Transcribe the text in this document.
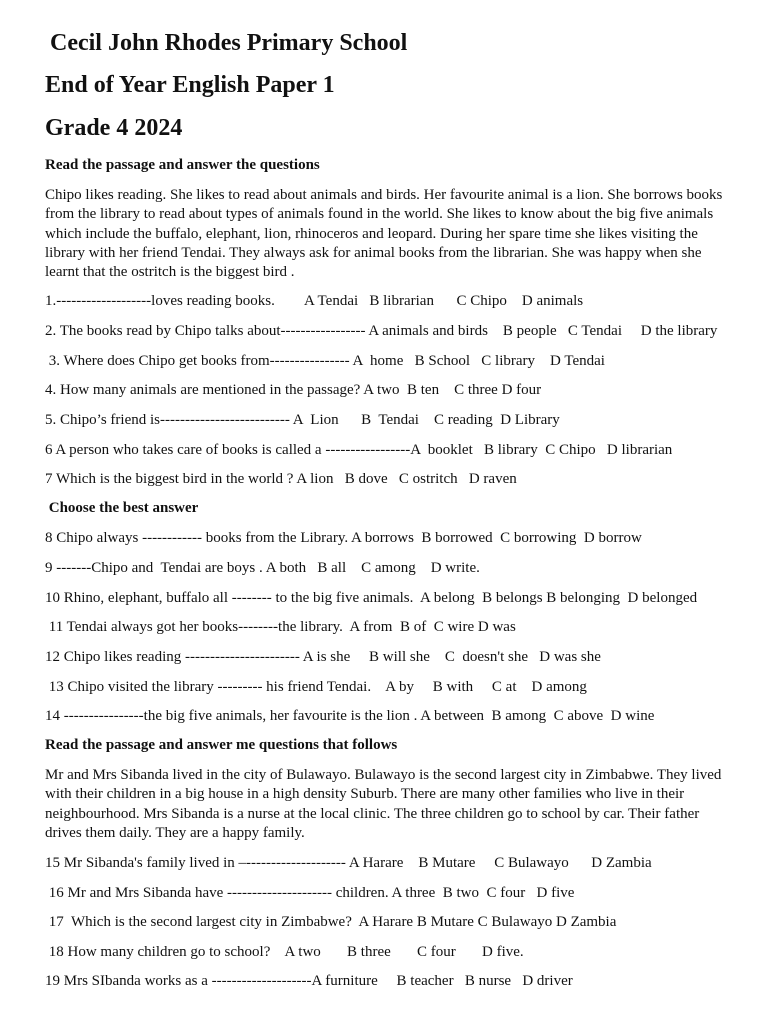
Cecil John Rhodes Primary School
End of Year English Paper 1
Grade 4 2024
Read the passage and answer the questions

Chipo likes reading. She likes to read about animals and birds. Her favourite animal is a lion. She borrows books from the library to read about types of animals found in the world. She likes to know about the big five animals which include the buffalo, elephant, lion, rhinoceros and leopard. During her spare time she likes visiting the library with her friend Tendai. They always ask for animal books from the librarian. She was happy when she learnt that the ostritch is the biggest bird .

1.-------------------loves reading books.        A Tendai   B librarian      C Chipo    D animals
2. The books read by Chipo talks about----------------- A animals and birds    B people   C Tendai     D the library
3. Where does Chipo get books from---------------- A  home   B School   C library    D Tendai
4. How many animals are mentioned in the passage? A two  B ten    C three D four
5. Chipo’s friend is-------------------------- A  Lion      B  Tendai    C reading  D Library
6 A person who takes care of books is called a -----------------A  booklet   B library  C Chipo   D librarian
7 Which is the biggest bird in the world ? A lion   B dove   C ostritch   D raven
Choose the best answer
8 Chipo always ------------ books from the Library. A borrows  B borrowed  C borrowing  D borrow
9 -------Chipo and  Tendai are boys . A both   B all    C among    D write.
10 Rhino, elephant, buffalo all -------- to the big five animals.  A belong  B belongs B belonging  D belonged
11 Tendai always got her books--------the library.  A from  B of  C wire D was
12 Chipo likes reading ----------------------- A is she     B will she    C  doesn't she   D was she
13 Chipo visited the library --------- his friend Tendai.    A by     B with     C at    D among
14 ----------------the big five animals, her favourite is the lion . A between  B among  C above  D wine
Read the passage and answer me questions that follows

Mr and Mrs Sibanda lived in the city of Bulawayo. Bulawayo is the second largest city in Zimbabwe. They lived with their children in a big house in a high density Suburb. There are many other families who live in their neighbourhood. Mrs Sibanda is a nurse at the local clinic. The three children go to school by car. Their father drives them daily. They are a happy family.

15 Mr Sibanda's family lived in –-------------------- A Harare    B Mutare     C Bulawayo      D Zambia
16 Mr and Mrs Sibanda have --------------------- children. A three  B two  C four   D five
17  Which is the second largest city in Zimbabwe?  A Harare B Mutare C Bulawayo D Zambia
18 How many children go to school?    A two       B three       C four       D five.
19 Mrs SIbanda works as a --------------------A furniture     B teacher   B nurse   D driver
